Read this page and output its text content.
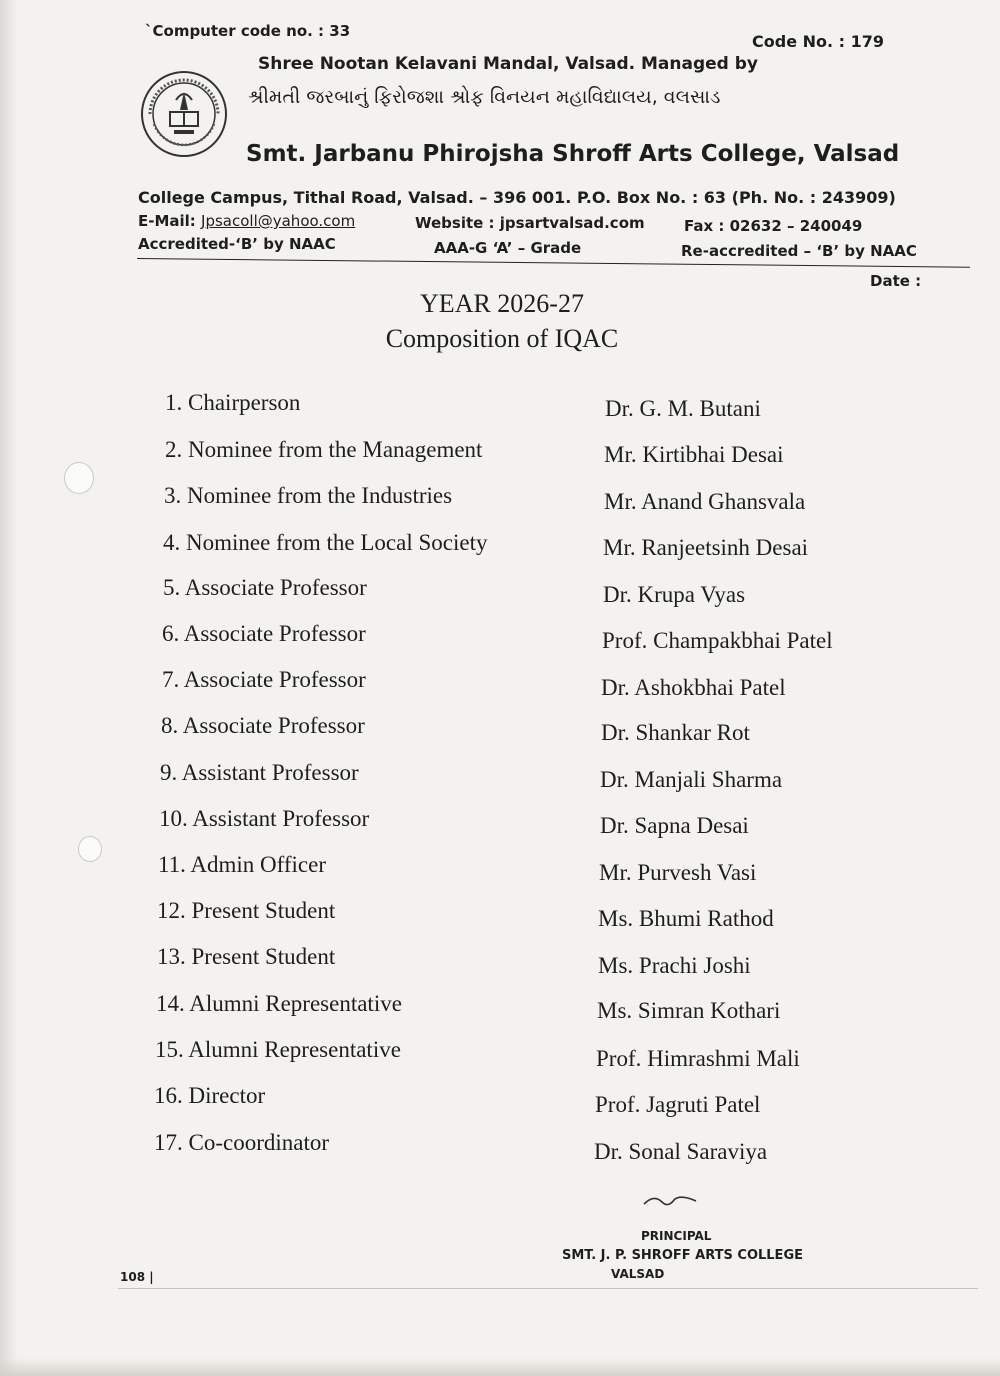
`Computer code no. : 33
Code No. : 179
Shree Nootan Kelavani Mandal, Valsad. Managed by
શ્રીમતી જરબાનું ફિરોજશા શ્રોફ વિનયન મહાવિદ્યાલય, વલસાડ
Smt. Jarbanu Phirojsha Shroff Arts College, Valsad
College Campus, Tithal Road, Valsad. – 396 001. P.O. Box No. : 63 (Ph. No. : 243909)
E-Mail: Jpsacoll@yahoo.com	Website : jpsartvalsad.com	Fax : 02632 – 240049
Accredited-‘B’ by NAAC	AAA-G ‘A’ – Grade	Re-accredited – ‘B’ by NAAC
Date :
YEAR 2026-27
Composition of IQAC
1. Chairperson	Dr. G. M. Butani
2. Nominee from the Management	Mr. Kirtibhai Desai
3. Nominee from the Industries	Mr. Anand Ghansvala
4. Nominee from the Local Society	Mr. Ranjeetsinh Desai
5. Associate Professor	Dr. Krupa Vyas
6. Associate Professor	Prof. Champakbhai Patel
7. Associate Professor	Dr. Ashokbhai Patel
8. Associate Professor	Dr. Shankar Rot
9. Assistant Professor	Dr. Manjali Sharma
10. Assistant Professor	Dr. Sapna Desai
11. Admin Officer	Mr. Purvesh Vasi
12. Present Student	Ms. Bhumi Rathod
13. Present Student	Ms. Prachi Joshi
14. Alumni Representative	Ms. Simran Kothari
15. Alumni Representative	Prof. Himrashmi Mali
16. Director	Prof. Jagruti Patel
17. Co-coordinator	Dr. Sonal Saraviya
PRINCIPAL
SMT. J. P. SHROFF ARTS COLLEGE
VALSAD
108 |
